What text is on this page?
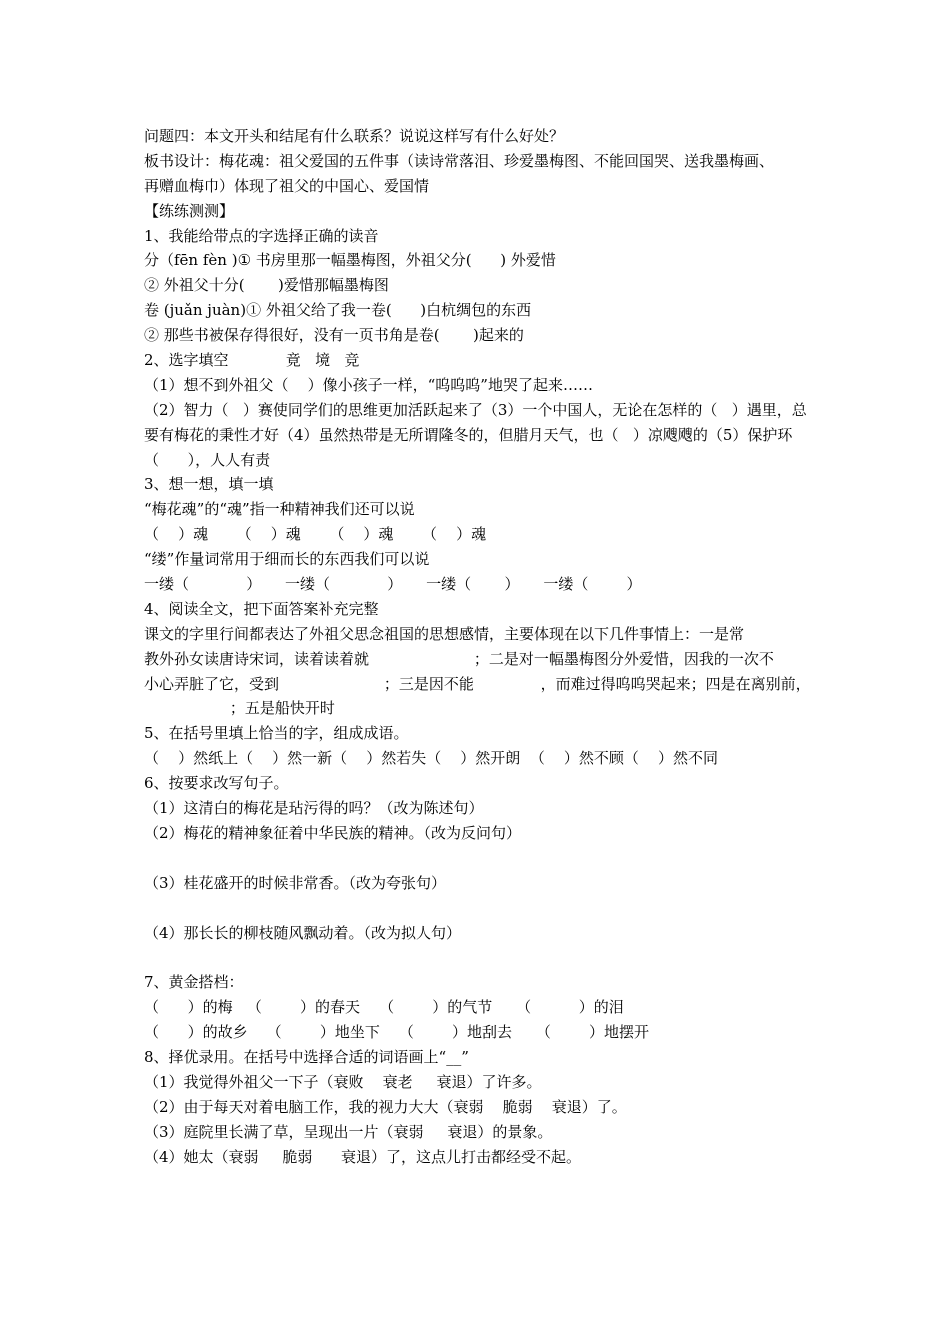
问题四：本文开头和结尾有什么联系？说说这样写有什么好处？
板书设计：梅花魂：祖父爱国的五件事（读诗常落泪、珍爱墨梅图、不能回国哭、送我墨梅画、
再赠血梅巾）体现了祖父的中国心、爱国情
【练练测测】
1、我能给带点的字选择正确的读音
分（fēn fèn )① 书房里那一幅墨梅图，外祖父分(      ) 外爱惜
② 外祖父十分(       )爱惜那幅墨梅图
卷 (juǎn juàn)① 外祖父给了我一卷(      )白杭绸包的东西
② 那些书被保存得很好，没有一页书角是卷(       )起来的
2、选字填空            竟   境   竞
（1）想不到外祖父（    ）像小孩子一样，“呜呜呜”地哭了起来……
（2）智力（   ）赛使同学们的思维更加活跃起来了（3）一个中国人，无论在怎样的（   ）遇里，总
要有梅花的秉性才好（4）虽然热带是无所谓隆冬的，但腊月天气，也（   ）凉飕飕的（5）保护环
（      ），人人有责
3、想一想，填一填
“梅花魂”的“魂”指一种精神我们还可以说
（    ）魂      （    ）魂      （    ）魂      （    ）魂
“缕”作量词常用于细而长的东西我们可以说
一缕（            ）     一缕（            ）     一缕（       ）     一缕（        ）
4、阅读全文，把下面答案补充完整
课文的字里行间都表达了外祖父思念祖国的思想感情，主要体现在以下几件事情上：一是常
教外孙女读唐诗宋词，读着读着就                      ；二是对一幅墨梅图分外爱惜，因我的一次不
小心弄脏了它，受到                      ；三是因不能              ，而难过得呜呜哭起来；四是在离别前，
；五是船快开时
5、在括号里填上恰当的字，组成成语。
（    ）然纸上（    ）然一新（    ）然若失（    ）然开朗  （    ）然不顾（    ）然不同
6、按要求改写句子。
（1）这清白的梅花是玷污得的吗？（改为陈述句）
（2）梅花的精神象征着中华民族的精神。（改为反问句）
（3）桂花盛开的时候非常香。（改为夸张句）
（4）那长长的柳枝随风飘动着。（改为拟人句）
7、黄金搭档：
（      ）的梅   （        ）的春天    （        ）的气节     （          ）的泪
（      ）的故乡    （        ）地坐下    （        ）地刮去     （        ）地摆开
8、择优录用。在括号中选择合适的词语画上“__”
（1）我觉得外祖父一下子（衰败    衰老     衰退）了许多。
（2）由于每天对着电脑工作，我的视力大大（衰弱    脆弱    衰退）了。
（3）庭院里长满了草，呈现出一片（衰弱     衰退）的景象。
（4）她太（衰弱     脆弱      衰退）了，这点儿打击都经受不起。
